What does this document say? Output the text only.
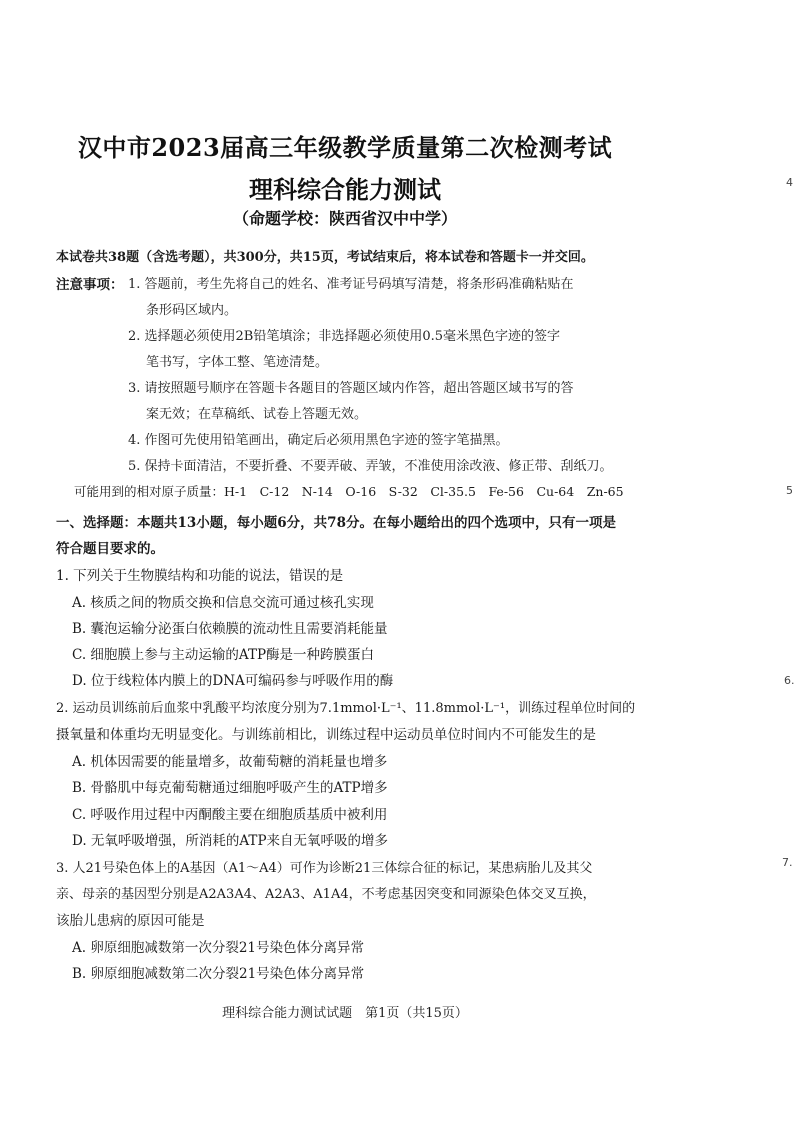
汉中市2023届高三年级教学质量第二次检测考试
理科综合能力测试
（命题学校：陕西省汉中中学）
本试卷共38题（含选考题），共300分，共15页，考试结束后，将本试卷和答题卡一并交回。
注意事项： 1. 答题前，考生先将自己的姓名、准考证号码填写清楚，将条形码准确粘贴在
条形码区域内。
2. 选择题必须使用2B铅笔填涂；非选择题必须使用0.5毫米黑色字迹的签字
笔书写，字体工整、笔迹清楚。
3. 请按照题号顺序在答题卡各题目的答题区域内作答，超出答题区域书写的答
案无效；在草稿纸、试卷上答题无效。
4. 作图可先使用铅笔画出，确定后必须用黑色字迹的签字笔描黑。
5. 保持卡面清洁，不要折叠、不要弄破、弄皱，不准使用涂改液、修正带、刮纸刀。
可能用到的相对原子质量：H-1　C-12　N-14　O-16　S-32　Cl-35.5　Fe-56　Cu-64　Zn-65
一、选择题：本题共13小题，每小题6分，共78分。在每小题给出的四个选项中，只有一项是
符合题目要求的。
1. 下列关于生物膜结构和功能的说法，错误的是
A. 核质之间的物质交换和信息交流可通过核孔实现
B. 囊泡运输分泌蛋白依赖膜的流动性且需要消耗能量
C. 细胞膜上参与主动运输的ATP酶是一种跨膜蛋白
D. 位于线粒体内膜上的DNA可编码参与呼吸作用的酶
2. 运动员训练前后血浆中乳酸平均浓度分别为7.1mmol·L⁻¹、11.8mmol·L⁻¹，训练过程单位时间的
摄氧量和体重均无明显变化。与训练前相比，训练过程中运动员单位时间内不可能发生的是
A. 机体因需要的能量增多，故葡萄糖的消耗量也增多
B. 骨骼肌中每克葡萄糖通过细胞呼吸产生的ATP增多
C. 呼吸作用过程中丙酮酸主要在细胞质基质中被利用
D. 无氧呼吸增强，所消耗的ATP来自无氧呼吸的增多
3. 人21号染色体上的A基因（A1～A4）可作为诊断21三体综合征的标记，某患病胎儿及其父
亲、母亲的基因型分别是A2A3A4、A2A3、A1A4，不考虑基因突变和同源染色体交叉互换，
该胎儿患病的原因可能是
A. 卵原细胞减数第一次分裂21号染色体分离异常
B. 卵原细胞减数第二次分裂21号染色体分离异常
理科综合能力测试试题　第1页（共15页）
4
5
6.
7.
